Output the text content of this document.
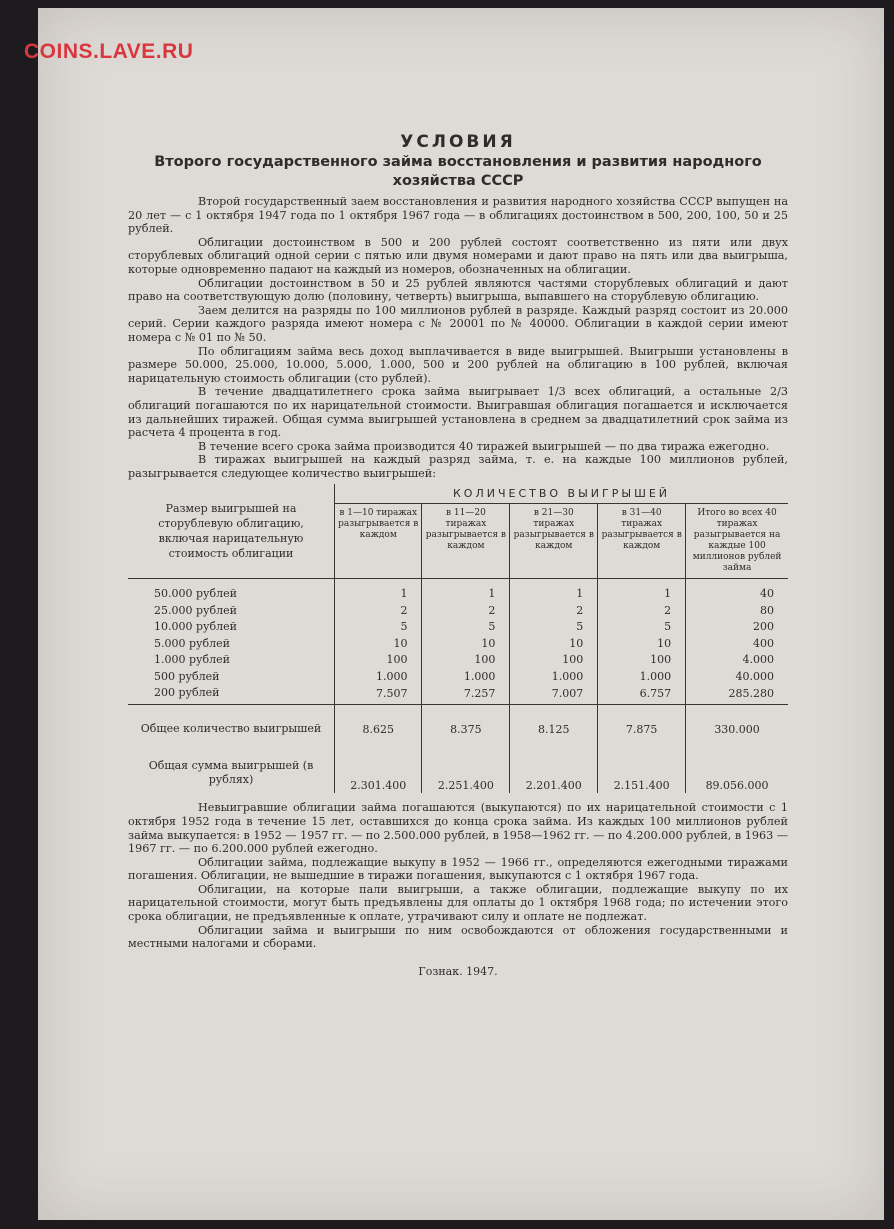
COINS.LAVE.RU
УСЛОВИЯ
Второго государственного займа восстановления и развития народного хозяйства СССР

Второй государственный заем восстановления и развития народного хозяйства СССР выпущен на 20 лет — с 1 октября 1947 года по 1 октября 1967 года — в облигациях достоинством в 500, 200, 100, 50 и 25 рублей.

Облигации достоинством в 500 и 200 рублей состоят соответственно из пяти или двух сторублевых облигаций одной серии с пятью или двумя номерами и дают право на пять или два выигрыша, которые одновременно падают на каждый из номеров, обозначенных на облигации.

Облигации достоинством в 50 и 25 рублей являются частями сторублевых облигаций и дают право на соответствующую долю (половину, четверть) выигрыша, выпавшего на сторублевую облигацию.

Заем делится на разряды по 100 миллионов рублей в разряде. Каждый разряд состоит из 20.000 серий. Серии каждого разряда имеют номера с № 20001 по № 40000. Облигации в каждой серии имеют номера с № 01 по № 50.

По облигациям займа весь доход выплачивается в виде выигрышей. Выигрыши установлены в размере 50.000, 25.000, 10.000, 5.000, 1.000, 500 и 200 рублей на облигацию в 100 рублей, включая нарицательную стоимость облигации (сто рублей).

В течение двадцатилетнего срока займа выигрывает 1/3 всех облигаций, а остальные 2/3 облигаций погашаются по их нарицательной стоимости. Выигравшая облигация погашается и исключается из дальнейших тиражей. Общая сумма выигрышей установлена в среднем за двадцатилетний срок займа из расчета 4 процента в год.

В течение всего срока займа производится 40 тиражей выигрышей — по два тиража ежегодно.

В тиражах выигрышей на каждый разряд займа, т. е. на каждые 100 миллионов рублей, разыгрывается следующее количество выигрышей:

Размер выигрышей на сторублевую облигацию, включая нарицательную стоимость облигации	КОЛИЧЕСТВО ВЫИГРЫШЕЙ				
	в 1—10 тиражах разыгрывается в каждом	в 11—20 тиражах разыгрывается в каждом	в 21—30 тиражах разыгрывается в каждом	в 31—40 тиражах разыгрывается в каждом	Итого во всех 40 тиражах разыгрывается на каждые 100 миллионов рублей займа
50.000 рублей	1	1	1	1	40
25.000 рублей	2	2	2	2	80
10.000 рублей	5	5	5	5	200
5.000 рублей	10	10	10	10	400
1.000 рублей	100	100	100	100	4.000
500 рублей	1.000	1.000	1.000	1.000	40.000
200 рублей	7.507	7.257	7.007	6.757	285.280
Общее количество выигрышей	8.625	8.375	8.125	7.875	330.000
Общая сумма выигрышей (в рублях)	2.301.400	2.251.400	2.201.400	2.151.400	89.056.000

Невыигравшие облигации займа погашаются (выкупаются) по их нарицательной стоимости с 1 октября 1952 года в течение 15 лет, оставшихся до конца срока займа. Из каждых 100 миллионов рублей займа выкупается: в 1952 — 1957 гг. — по 2.500.000 рублей, в 1958—1962 гг. — по 4.200.000 рублей, в 1963 — 1967 гг. — по 6.200.000 рублей ежегодно.

Облигации займа, подлежащие выкупу в 1952 — 1966 гг., определяются ежегодными тиражами погашения. Облигации, не вышедшие в тиражи погашения, выкупаются с 1 октября 1967 года.

Облигации, на которые пали выигрыши, а также облигации, подлежащие выкупу по их нарицательной стоимости, могут быть предъявлены для оплаты до 1 октября 1968 года; по истечении этого срока облигации, не предъявленные к оплате, утрачивают силу и оплате не подлежат.

Облигации займа и выигрыши по ним освобождаются от обложения государственными и местными налогами и сборами.

Гознак. 1947.
